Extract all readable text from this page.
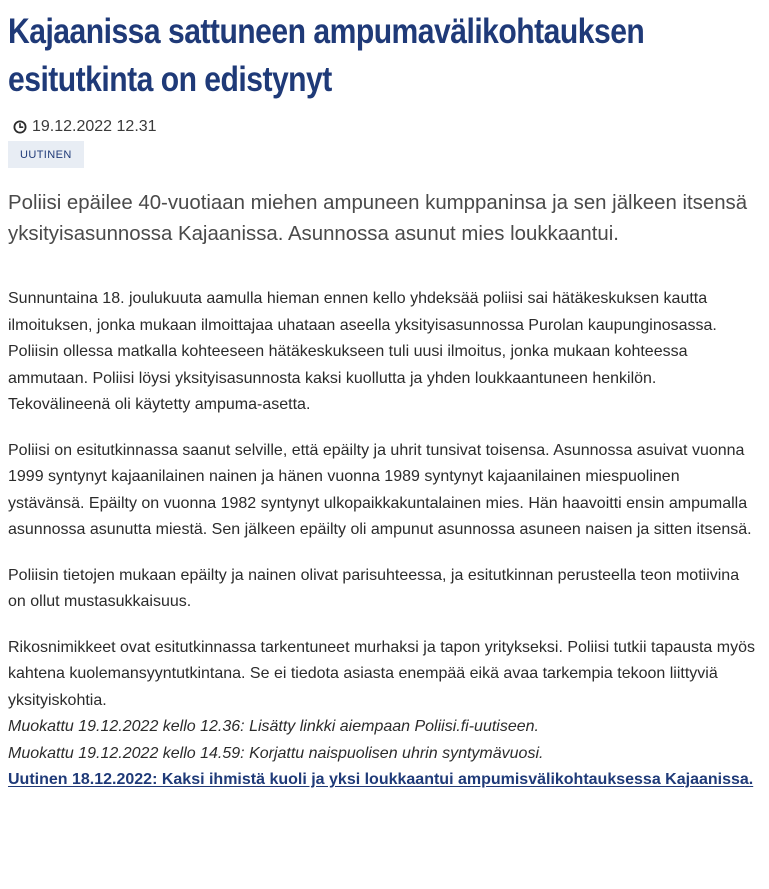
Kajaanissa sattuneen ampumavälikohtauksen esitutkinta on edistynyt
19.12.2022 12.31
UUTINEN

Poliisi epäilee 40-vuotiaan miehen ampuneen kumppaninsa ja sen jälkeen itsensä yksityisasunnossa Kajaanissa. Asunnossa asunut mies loukkaantui.

Sunnuntaina 18. joulukuuta aamulla hieman ennen kello yhdeksää poliisi sai hätäkeskuksen kautta ilmoituksen, jonka mukaan ilmoittajaa uhataan aseella yksityisasunnossa Purolan kaupunginosassa. Poliisin ollessa matkalla kohteeseen hätäkeskukseen tuli uusi ilmoitus, jonka mukaan kohteessa ammutaan. Poliisi löysi yksityisasunnosta kaksi kuollutta ja yhden loukkaantuneen henkilön. Tekovälineenä oli käytetty ampuma-asetta.

Poliisi on esitutkinnassa saanut selville, että epäilty ja uhrit tunsivat toisensa. Asunnossa asuivat vuonna 1999 syntynyt kajaanilainen nainen ja hänen vuonna 1989 syntynyt kajaanilainen miespuolinen ystävänsä. Epäilty on vuonna 1982 syntynyt ulkopaikkakuntalainen mies. Hän haavoitti ensin ampumalla asunnossa asunutta miestä. Sen jälkeen epäilty oli ampunut asunnossa asuneen naisen ja sitten itsensä.

Poliisin tietojen mukaan epäilty ja nainen olivat parisuhteessa, ja esitutkinnan perusteella teon motiivina on ollut mustasukkaisuus.

Rikosnimikkeet ovat esitutkinnassa tarkentuneet murhaksi ja tapon yritykseksi. Poliisi tutkii tapausta myös kahtena kuolemansyyntutkintana. Se ei tiedota asiasta enempää eikä avaa tarkempia tekoon liittyviä yksityiskohtia.

Muokattu 19.12.2022 kello 12.36: Lisätty linkki aiempaan Poliisi.fi-uutiseen.

Muokattu 19.12.2022 kello 14.59: Korjattu naispuolisen uhrin syntymävuosi.

Uutinen 18.12.2022: Kaksi ihmistä kuoli ja yksi loukkaantui ampumisvälikohtauksessa Kajaanissa.
